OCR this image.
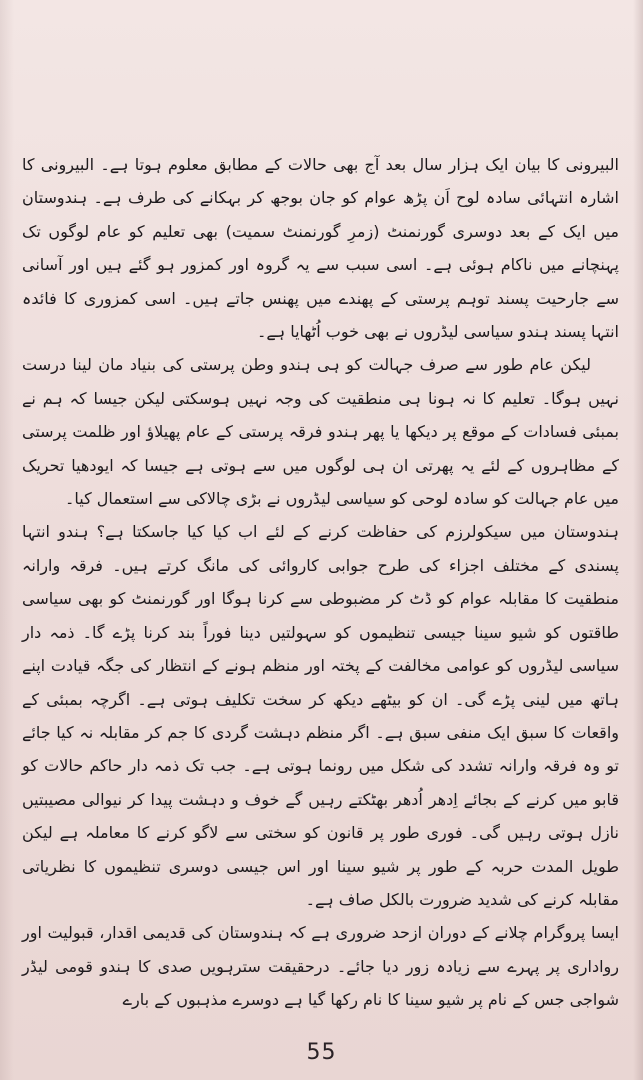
البیرونی کا بیان ایک ہزار سال بعد آج بھی حالات کے مطابق معلوم ہوتا ہے۔ البیرونی کا اشارہ انتہائی سادہ لوح اَن پڑھ عوام کو جان بوجھ کر بہکانے کی طرف ہے۔ ہندوستان میں ایک کے بعد دوسری گورنمنٹ (زمرِ گورنمنٹ سمیت) بھی تعلیم کو عام لوگوں تک پہنچانے میں ناکام ہوئی ہے۔ اسی سبب سے یہ گروہ اور کمزور ہو گئے ہیں اور آسانی سے جارحیت پسند توہم پرستی کے پھندے میں پھنس جاتے ہیں۔ اسی کمزوری کا فائدہ انتہا پسند ہندو سیاسی لیڈروں نے بھی خوب اُٹھایا ہے۔

لیکن عام طور سے صرف جہالت کو ہی ہندو وطن پرستی کی بنیاد مان لینا درست نہیں ہوگا۔ تعلیم کا نہ ہونا ہی منطقیت کی وجہ نہیں ہوسکتی لیکن جیسا کہ ہم نے بمبئی فسادات کے موقع پر دیکھا یا پھر ہندو فرقہ پرستی کے عام پھیلاؤ اور ظلمت پرستی کے مظاہروں کے لئے یہ پھرتی ان ہی لوگوں میں سے ہوتی ہے جیسا کہ ایودھیا تحریک میں عام جہالت کو سادہ لوحی کو سیاسی لیڈروں نے بڑی چالاکی سے استعمال کیا۔

ہندوستان میں سیکولرزم کی حفاظت کرنے کے لئے اب کیا کیا جاسکتا ہے؟ ہندو انتہا پسندی کے مختلف اجزاء کی طرح جوابی کاروائی کی مانگ کرتے ہیں۔ فرقہ وارانہ منطقیت کا مقابلہ عوام کو ڈٹ کر مضبوطی سے کرنا ہوگا اور گورنمنٹ کو بھی سیاسی طاقتوں کو شیو سینا جیسی تنظیموں کو سہولتیں دینا فوراً بند کرنا پڑے گا۔ ذمہ دار سیاسی لیڈروں کو عوامی مخالفت کے پختہ اور منظم ہونے کے انتظار کی جگہ قیادت اپنے ہاتھ میں لینی پڑے گی۔ ان کو بیٹھے دیکھ کر سخت تکلیف ہوتی ہے۔ اگرچہ بمبئی کے واقعات کا سبق ایک منفی سبق ہے۔ اگر منظم دہشت گردی کا جم کر مقابلہ نہ کیا جائے تو وہ فرقہ وارانہ تشدد کی شکل میں رونما ہوتی ہے۔ جب تک ذمہ دار حاکم حالات کو قابو میں کرنے کے بجائے اِدھر اُدھر بھٹکتے رہیں گے خوف و دہشت پیدا کر نیوالی مصیبتیں نازل ہوتی رہیں گی۔ فوری طور پر قانون کو سختی سے لاگو کرنے کا معاملہ ہے لیکن طویل المدت حربہ کے طور پر شیو سینا اور اس جیسی دوسری تنظیموں کا نظریاتی مقابلہ کرنے کی شدید ضرورت بالکل صاف ہے۔

ایسا پروگرام چلانے کے دوران ازحد ضروری ہے کہ ہندوستان کی قدیمی اقدار، قبولیت اور رواداری پر پہرے سے زیادہ زور دیا جائے۔ درحقیقت سترہویں صدی کا ہندو قومی لیڈر شواجی جس کے نام پر شیو سینا کا نام رکھا گیا ہے دوسرے مذہبوں کے بارے

55
